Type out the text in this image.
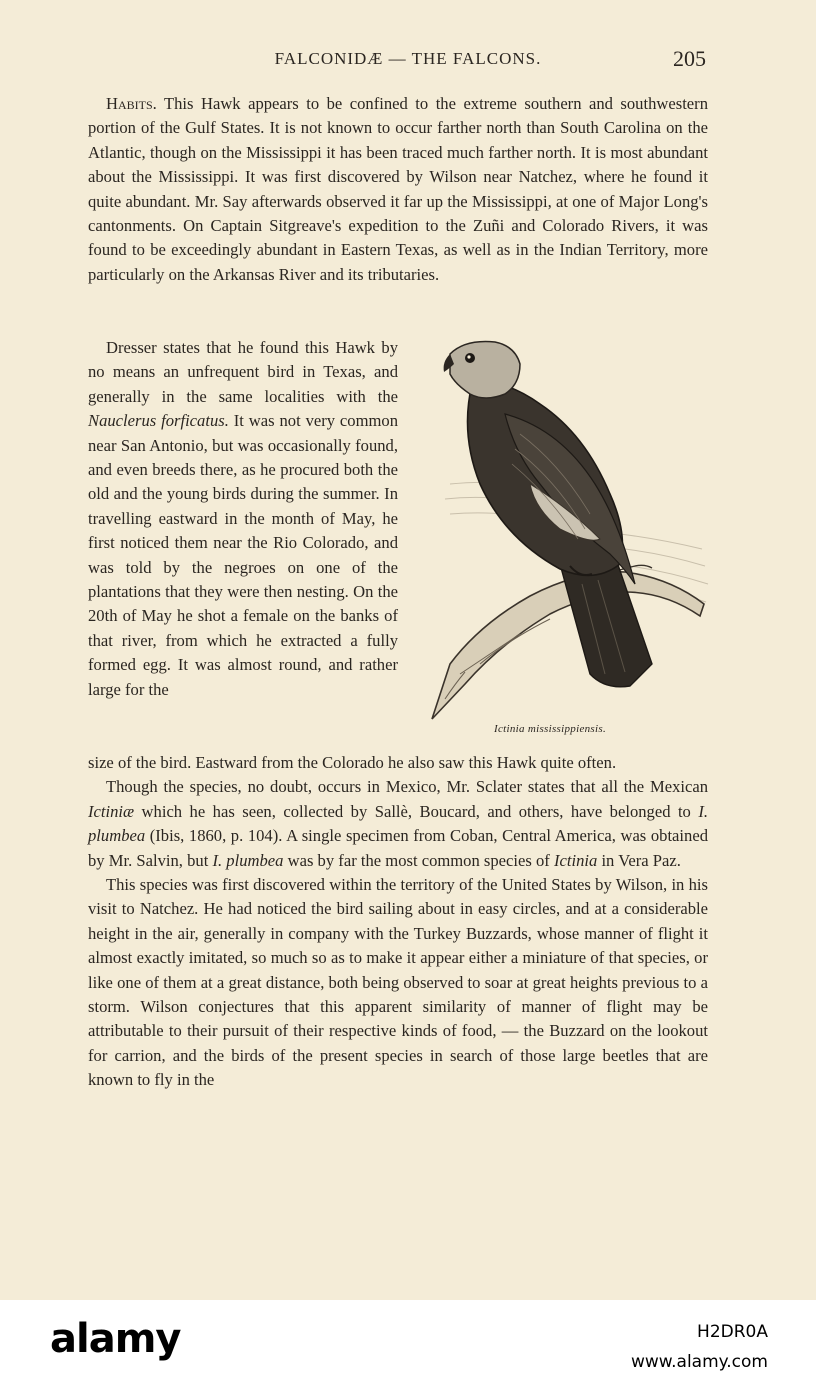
FALCONIDÆ — THE FALCONS.	205

Habits. This Hawk appears to be confined to the extreme southern and southwestern portion of the Gulf States. It is not known to occur farther north than South Carolina on the Atlantic, though on the Mississippi it has been traced much farther north. It is most abundant about the Mississippi. It was first discovered by Wilson near Natchez, where he found it quite abundant. Mr. Say afterwards observed it far up the Mississippi, at one of Major Long's cantonments. On Captain Sitgreave's expedition to the Zuñi and Colorado Rivers, it was found to be exceedingly abundant in Eastern Texas, as well as in the Indian Territory, more particularly on the Arkansas River and its tributaries.

Dresser states that he found this Hawk by no means an unfrequent bird in Texas, and generally in the same localities with the Nauclerus forficatus. It was not very common near San Antonio, but was occasionally found, and even breeds there, as he procured both the old and the young birds during the summer. In travelling eastward in the month of May, he first noticed them near the Rio Colorado, and was told by the negroes on one of the plantations that they were then nesting. On the 20th of May he shot a female on the banks of that river, from which he extracted a fully formed egg. It was almost round, and rather large for the

Ictinia mississippiensis.

size of the bird. Eastward from the Colorado he also saw this Hawk quite often.

Though the species, no doubt, occurs in Mexico, Mr. Sclater states that all the Mexican Ictiniæ which he has seen, collected by Sallè, Boucard, and others, have belonged to I. plumbea (Ibis, 1860, p. 104). A single specimen from Coban, Central America, was obtained by Mr. Salvin, but I. plumbea was by far the most common species of Ictinia in Vera Paz.

This species was first discovered within the territory of the United States by Wilson, in his visit to Natchez. He had noticed the bird sailing about in easy circles, and at a considerable height in the air, generally in company with the Turkey Buzzards, whose manner of flight it almost exactly imitated, so much so as to make it appear either a miniature of that species, or like one of them at a great distance, both being observed to soar at great heights previous to a storm. Wilson conjectures that this apparent similarity of manner of flight may be attributable to their pursuit of their respective kinds of food, — the Buzzard on the lookout for carrion, and the birds of the present species in search of those large beetles that are known to fly in the

alamy	H2DR0A
www.alamy.com
